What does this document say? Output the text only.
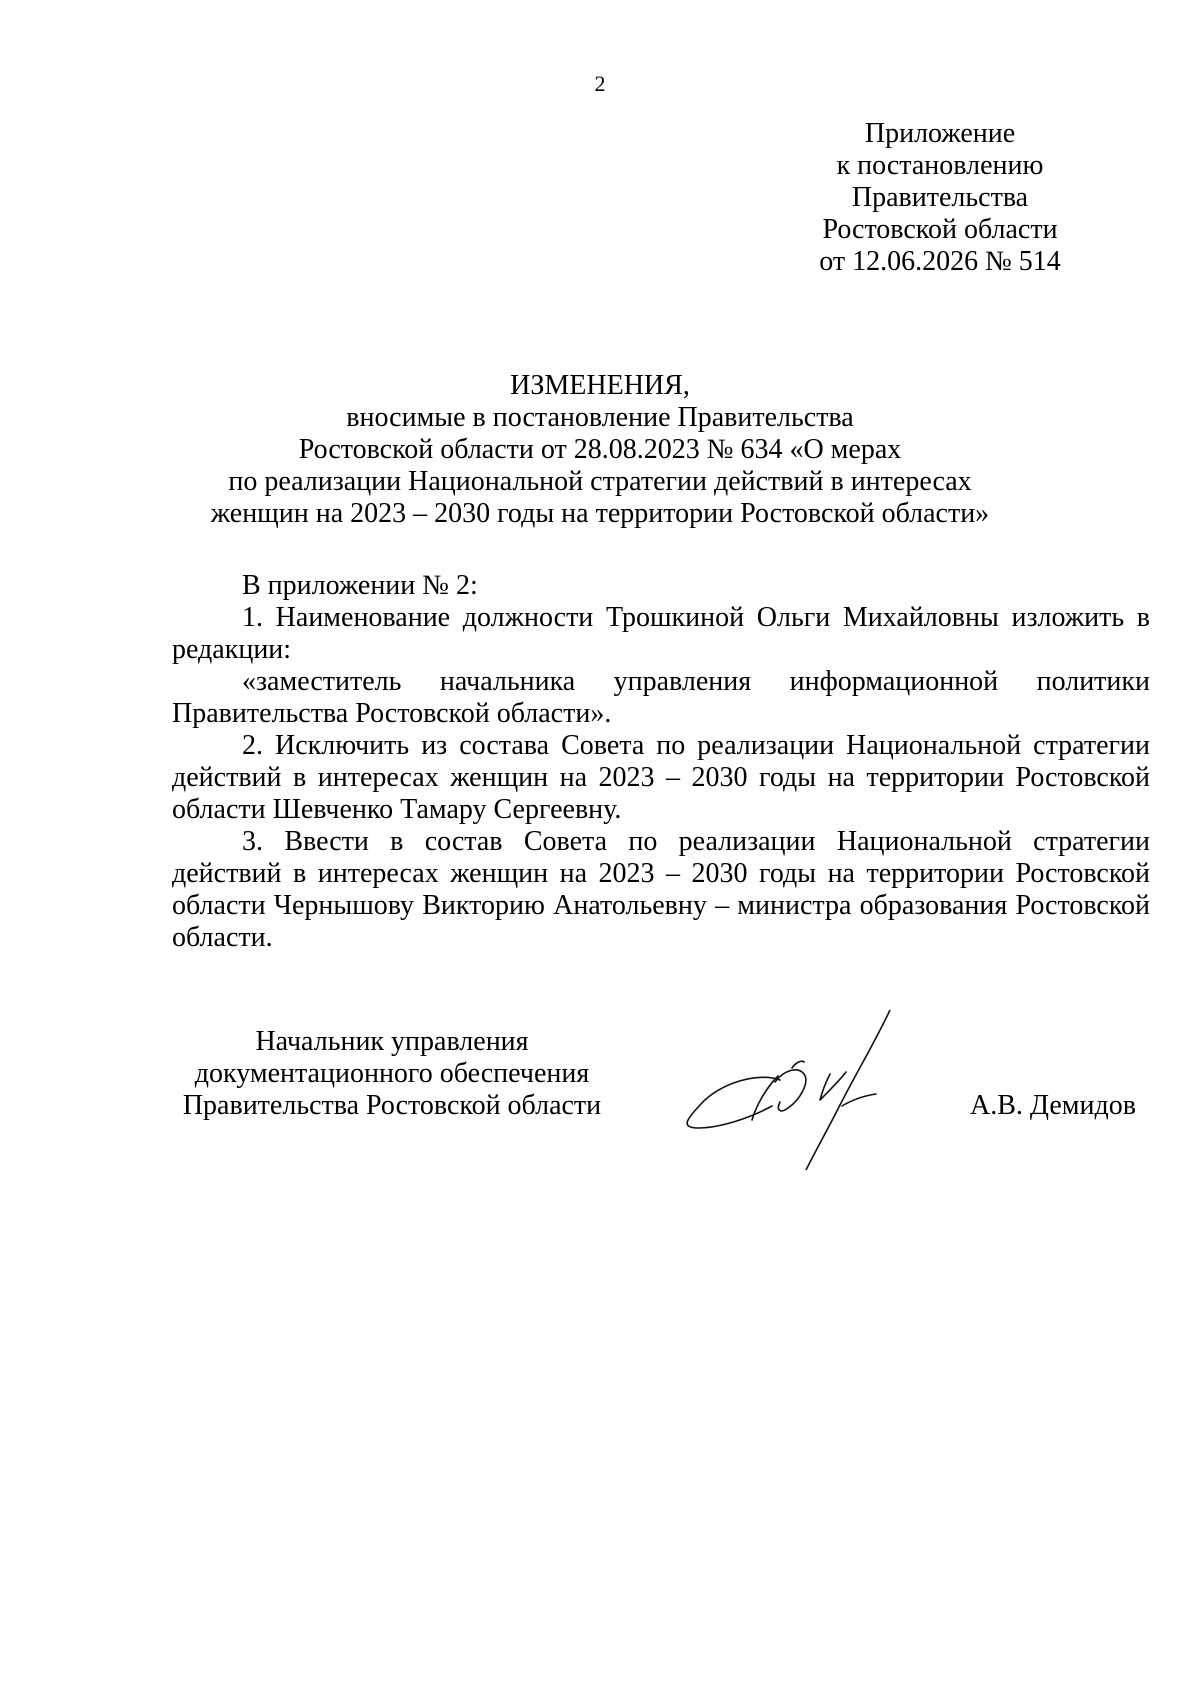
2
Приложение
к постановлению
Правительства
Ростовской области
от 12.06.2026 № 514
ИЗМЕНЕНИЯ,
вносимые в постановление Правительства
Ростовской области от 28.08.2023 № 634 «О мерах
по реализации Национальной стратегии действий в интересах
женщин на 2023 – 2030 годы на территории Ростовской области»

В приложении № 2:

1. Наименование должности Трошкиной Ольги Михайловны изложить в редакции:

«заместитель начальника управления информационной политики Правительства Ростовской области».

2. Исключить из состава Совета по реализации Национальной стратегии действий в интересах женщин на 2023 – 2030 годы на территории Ростовской области Шевченко Тамару Сергеевну.

3. Ввести в состав Совета по реализации Национальной стратегии действий в интересах женщин на 2023 – 2030 годы на территории Ростовской области Чернышову Викторию Анатольевну – министра образования Ростовской области.

Начальник управления
документационного обеспечения
Правительства Ростовской области	А.В. Демидов
